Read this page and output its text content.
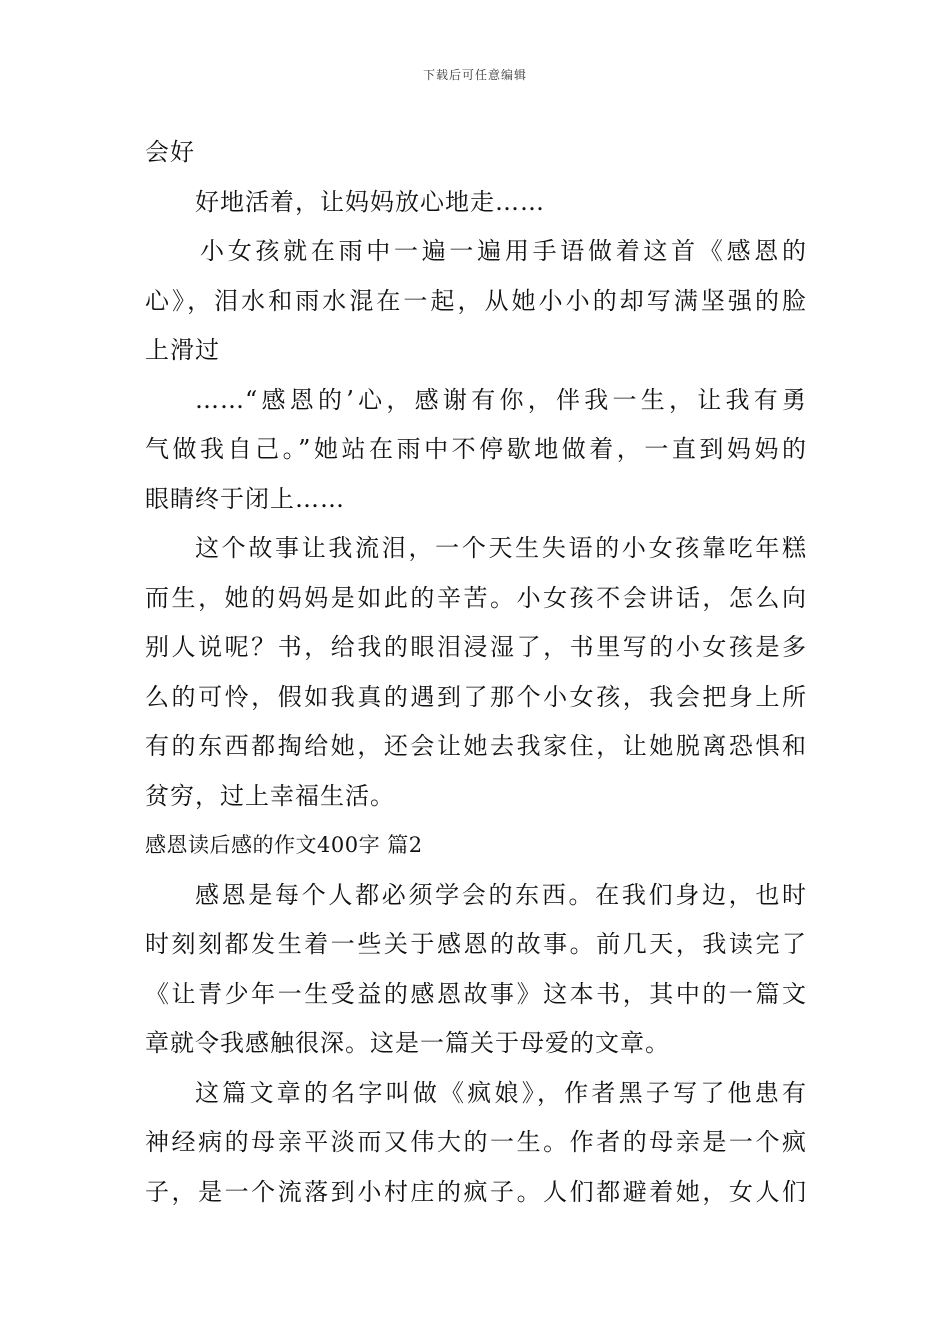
下载后可任意编辑
会好
好地活着，让妈妈放心地走……
小女孩就在雨中一遍一遍用手语做着这首《感恩的
心》，泪水和雨水混在一起，从她小小的却写满坚强的脸
上滑过
……“感恩的’心，感谢有你，伴我一生，让我有勇
气做我自己。”她站在雨中不停歇地做着，一直到妈妈的
眼睛终于闭上……
这个故事让我流泪，一个天生失语的小女孩靠吃年糕
而生，她的妈妈是如此的辛苦。小女孩不会讲话，怎么向
别人说呢？书，给我的眼泪浸湿了，书里写的小女孩是多
么的可怜，假如我真的遇到了那个小女孩，我会把身上所
有的东西都掏给她，还会让她去我家住，让她脱离恐惧和
贫穷，过上幸福生活。
感恩读后感的作文400字 篇2
感恩是每个人都必须学会的东西。在我们身边，也时
时刻刻都发生着一些关于感恩的故事。前几天，我读完了
《让青少年一生受益的感恩故事》这本书，其中的一篇文
章就令我感触很深。这是一篇关于母爱的文章。
这篇文章的名字叫做《疯娘》，作者黑子写了他患有
神经病的母亲平淡而又伟大的一生。作者的母亲是一个疯
子，是一个流落到小村庄的疯子。人们都避着她，女人们
